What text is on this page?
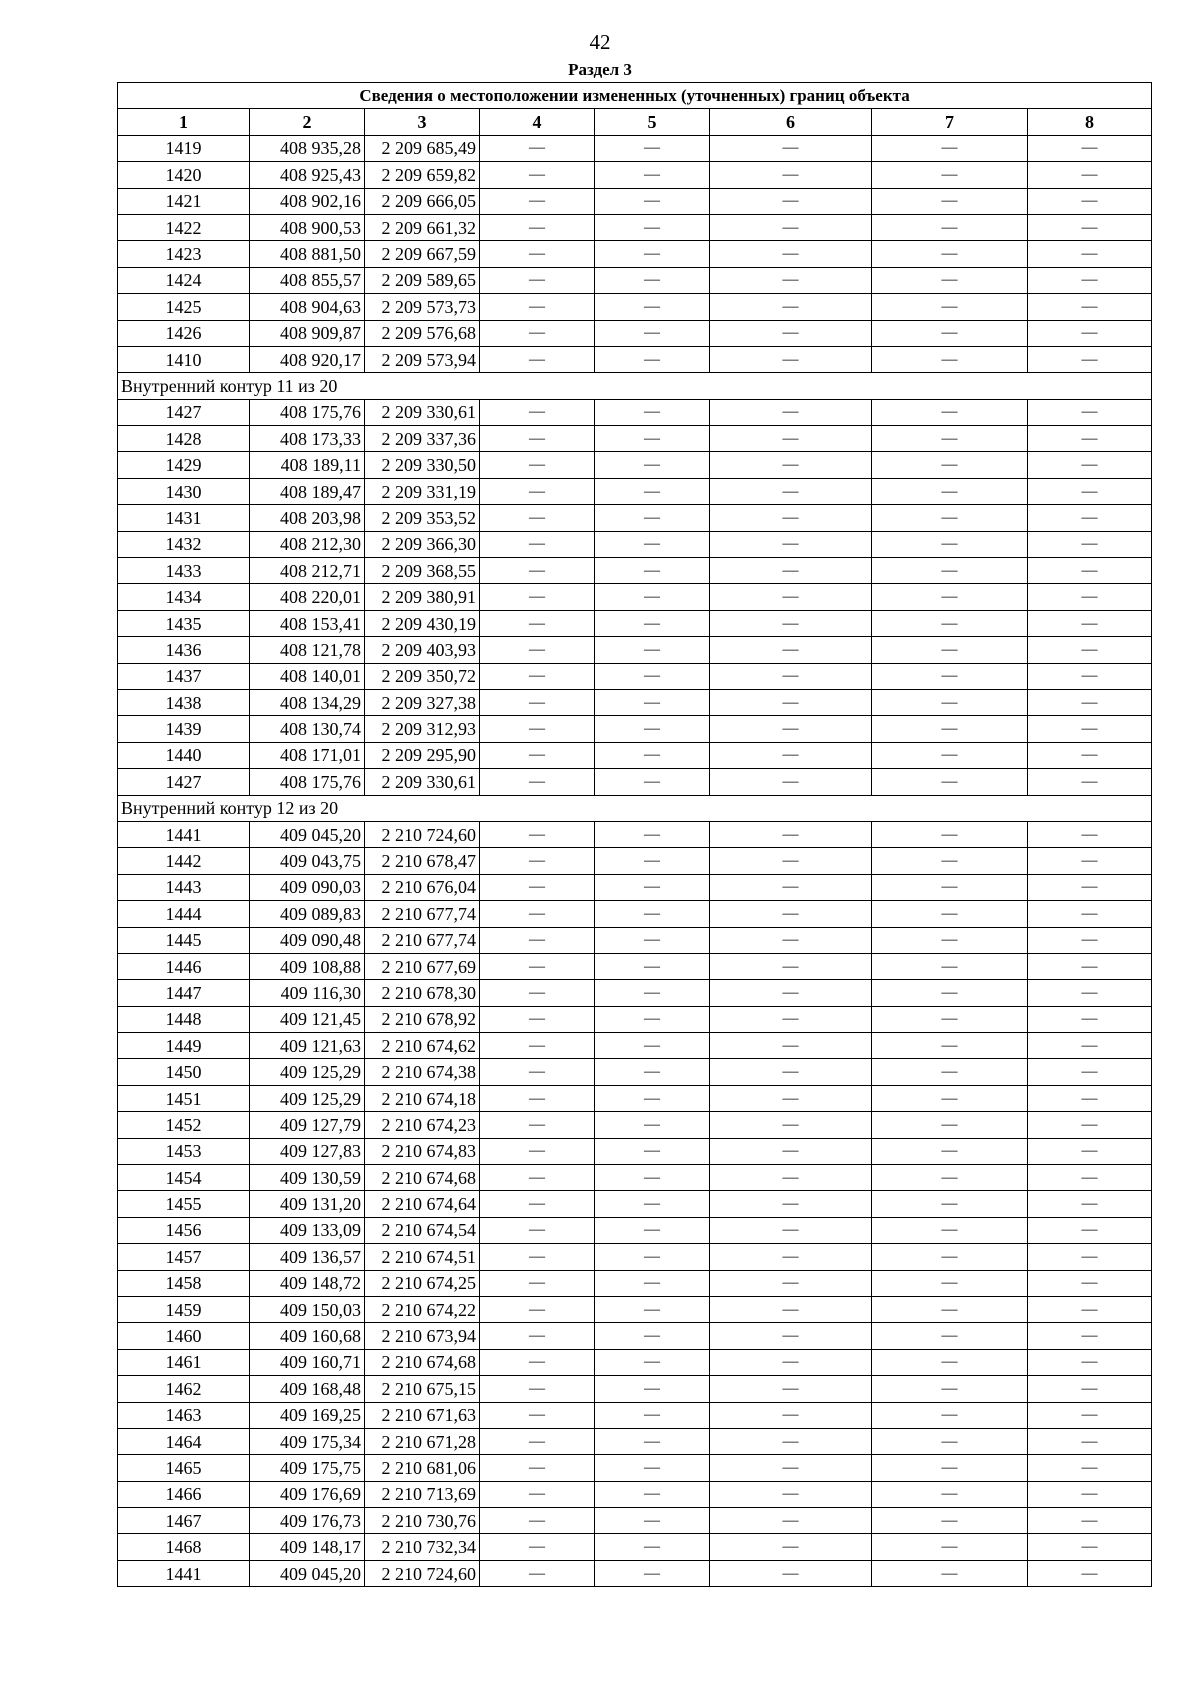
42
Раздел 3
Сведения о местоположении измененных (уточненных) границ объекта							
1	2	3	4	5	6	7	8
1419	408 935,28	2 209 685,49	—	—	—	—	—
1420	408 925,43	2 209 659,82	—	—	—	—	—
1421	408 902,16	2 209 666,05	—	—	—	—	—
1422	408 900,53	2 209 661,32	—	—	—	—	—
1423	408 881,50	2 209 667,59	—	—	—	—	—
1424	408 855,57	2 209 589,65	—	—	—	—	—
1425	408 904,63	2 209 573,73	—	—	—	—	—
1426	408 909,87	2 209 576,68	—	—	—	—	—
1410	408 920,17	2 209 573,94	—	—	—	—	—
Внутренний контур 11 из 20							
1427	408 175,76	2 209 330,61	—	—	—	—	—
1428	408 173,33	2 209 337,36	—	—	—	—	—
1429	408 189,11	2 209 330,50	—	—	—	—	—
1430	408 189,47	2 209 331,19	—	—	—	—	—
1431	408 203,98	2 209 353,52	—	—	—	—	—
1432	408 212,30	2 209 366,30	—	—	—	—	—
1433	408 212,71	2 209 368,55	—	—	—	—	—
1434	408 220,01	2 209 380,91	—	—	—	—	—
1435	408 153,41	2 209 430,19	—	—	—	—	—
1436	408 121,78	2 209 403,93	—	—	—	—	—
1437	408 140,01	2 209 350,72	—	—	—	—	—
1438	408 134,29	2 209 327,38	—	—	—	—	—
1439	408 130,74	2 209 312,93	—	—	—	—	—
1440	408 171,01	2 209 295,90	—	—	—	—	—
1427	408 175,76	2 209 330,61	—	—	—	—	—
Внутренний контур 12 из 20							
1441	409 045,20	2 210 724,60	—	—	—	—	—
1442	409 043,75	2 210 678,47	—	—	—	—	—
1443	409 090,03	2 210 676,04	—	—	—	—	—
1444	409 089,83	2 210 677,74	—	—	—	—	—
1445	409 090,48	2 210 677,74	—	—	—	—	—
1446	409 108,88	2 210 677,69	—	—	—	—	—
1447	409 116,30	2 210 678,30	—	—	—	—	—
1448	409 121,45	2 210 678,92	—	—	—	—	—
1449	409 121,63	2 210 674,62	—	—	—	—	—
1450	409 125,29	2 210 674,38	—	—	—	—	—
1451	409 125,29	2 210 674,18	—	—	—	—	—
1452	409 127,79	2 210 674,23	—	—	—	—	—
1453	409 127,83	2 210 674,83	—	—	—	—	—
1454	409 130,59	2 210 674,68	—	—	—	—	—
1455	409 131,20	2 210 674,64	—	—	—	—	—
1456	409 133,09	2 210 674,54	—	—	—	—	—
1457	409 136,57	2 210 674,51	—	—	—	—	—
1458	409 148,72	2 210 674,25	—	—	—	—	—
1459	409 150,03	2 210 674,22	—	—	—	—	—
1460	409 160,68	2 210 673,94	—	—	—	—	—
1461	409 160,71	2 210 674,68	—	—	—	—	—
1462	409 168,48	2 210 675,15	—	—	—	—	—
1463	409 169,25	2 210 671,63	—	—	—	—	—
1464	409 175,34	2 210 671,28	—	—	—	—	—
1465	409 175,75	2 210 681,06	—	—	—	—	—
1466	409 176,69	2 210 713,69	—	—	—	—	—
1467	409 176,73	2 210 730,76	—	—	—	—	—
1468	409 148,17	2 210 732,34	—	—	—	—	—
1441	409 045,20	2 210 724,60	—	—	—	—	—
